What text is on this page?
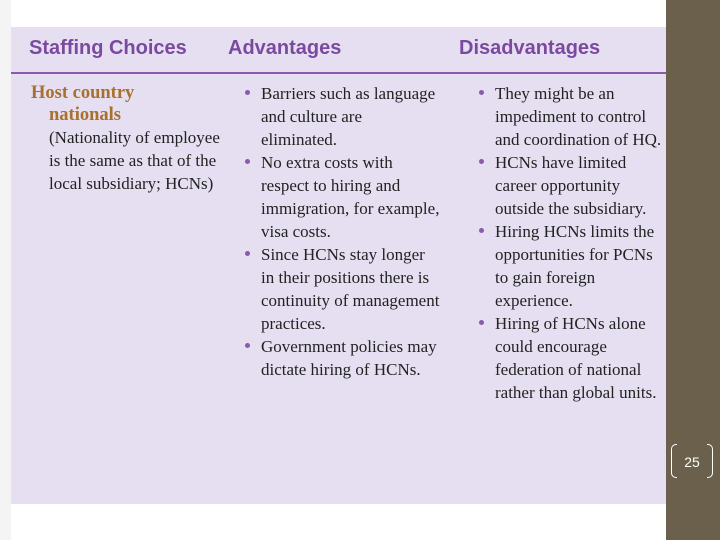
Staffing Choices Advantages	Disadvantages
Host country
nationals
(Nationality of employee is the same as that of the local subsidiary; HCNs)
Barriers such as language and culture are eliminated.
No extra costs with respect to hiring and immigration, for example, visa costs.
Since HCNs stay longer in their positions there is continuity of management practices.
Government policies may dictate hiring of HCNs.
They might be an impediment to control and coordination of HQ.
HCNs have limited career opportunity outside the subsidiary.
Hiring HCNs limits the opportunities for PCNs to gain foreign experience.
Hiring of HCNs alone could encourage federation of national rather than global units.
25
